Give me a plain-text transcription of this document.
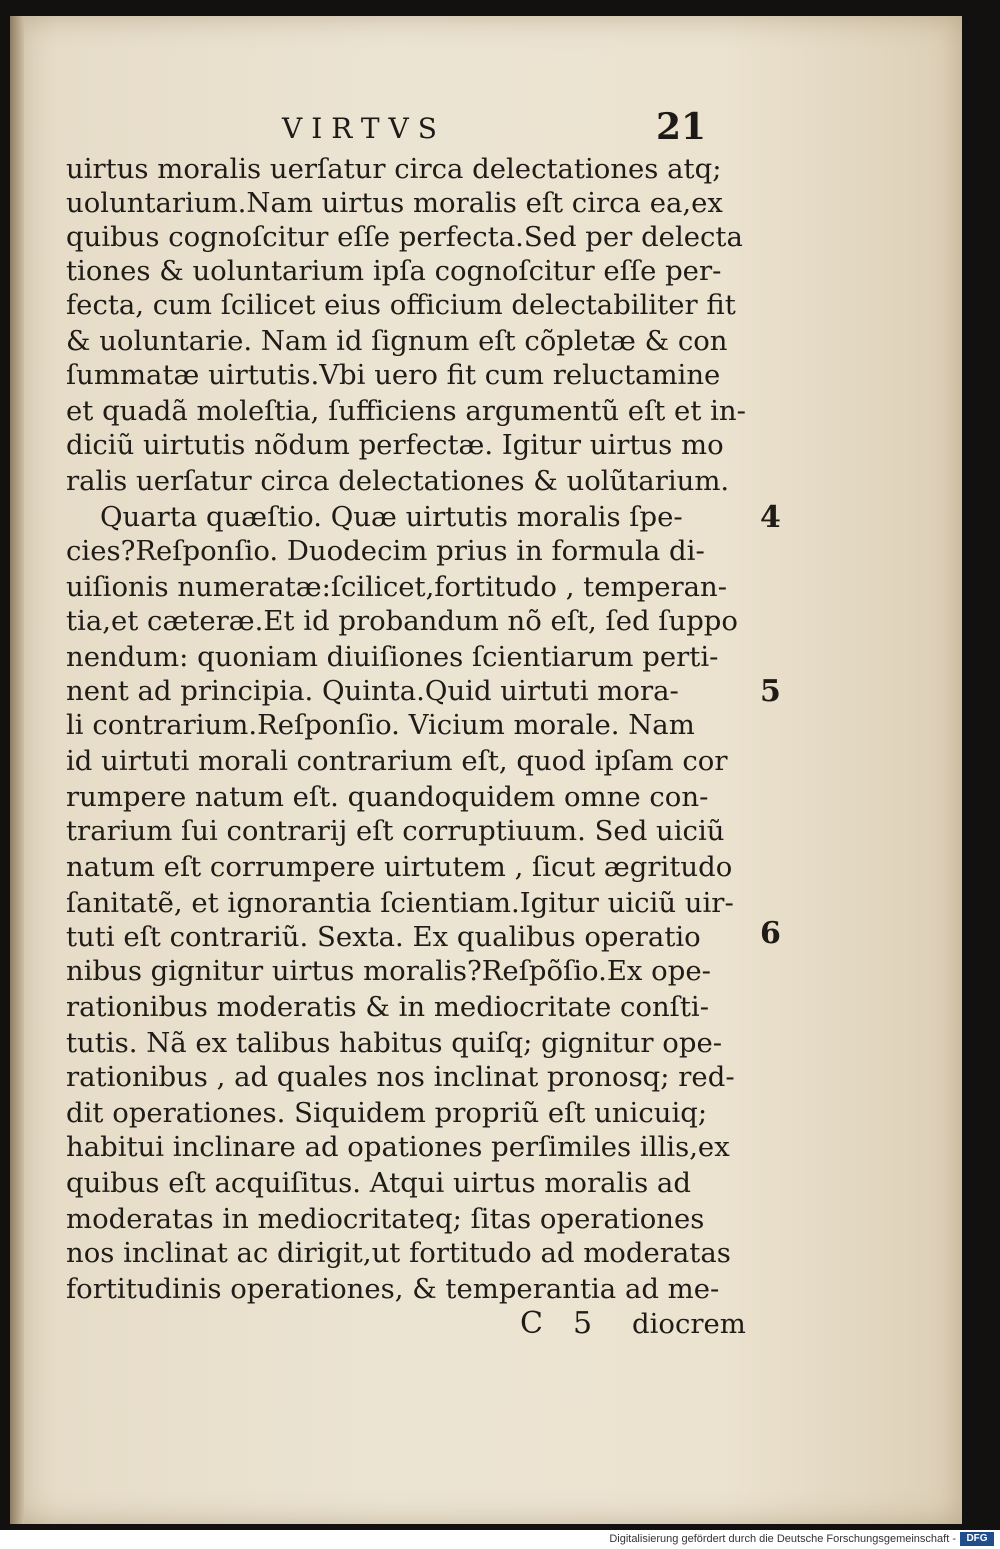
VIRTVS	21
uirtus moralis uerſatur circa delectationes atq;
uoluntarium.Nam uirtus moralis eſt circa ea,ex
quibus cognoſcitur eſſe perfecta.Sed per delecta
tiones & uoluntarium ipſa cognoſcitur eſſe per-
fecta, cum ſcilicet eius officium delectabiliter fit
& uoluntarie. Nam id ſignum eſt cõpletæ & con
ſummatæ uirtutis.Vbi uero fit cum reluctamine
et quadã moleſtia, ſufficiens argumentũ eſt et in-
diciũ uirtutis nõdum perfectæ. Igitur uirtus mo
ralis uerſatur circa delectationes & uolũtarium.
Quarta quæſtio. Quæ uirtutis moralis ſpe-
cies?Reſponſio. Duodecim prius in formula di-
uiſionis numeratæ:ſcilicet,fortitudo , temperan-
tia,et cæteræ.Et id probandum nõ eſt, ſed ſuppo
nendum: quoniam diuiſiones ſcientiarum perti-
nent ad principia. Quinta.Quid uirtuti mora-
li contrarium.Reſponſio. Vicium morale. Nam
id uirtuti morali contrarium eſt, quod ipſam cor
rumpere natum eſt. quandoquidem omne con-
trarium ſui contrarij eſt corruptiuum. Sed uiciũ
natum eſt corrumpere uirtutem , ſicut ægritudo
ſanitatẽ, et ignorantia ſcientiam.Igitur uiciũ uir-
tuti eſt contrariũ. Sexta. Ex qualibus operatio
nibus gignitur uirtus moralis?Reſpõſio.Ex ope-
rationibus moderatis & in mediocritate conſti-
tutis. Nã ex talibus habitus quiſq; gignitur ope-
rationibus , ad quales nos inclinat pronosq; red-
dit operationes. Siquidem propriũ eſt unicuiq;
habitui inclinare ad opationes perſimiles illis,ex
quibus eſt acquiſitus. Atqui uirtus moralis ad
moderatas in mediocritateq; ſitas operationes
nos inclinat ac dirigit,ut fortitudo ad moderatas
fortitudinis operationes, & temperantia ad me-
4
5
6
C 5 diocrem
Digitalisierung gefördert durch die Deutsche Forschungsgemeinschaft -	DFG
